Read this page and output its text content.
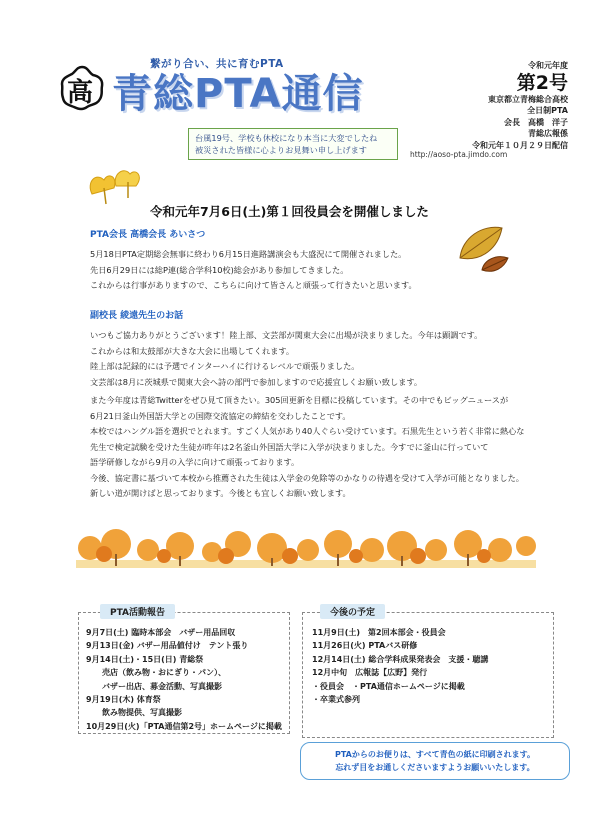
繋がり合い、共に育むPTA
高 青総PTA通信
令和元年度
第2号
東京都立青梅総合高校
全日制PTA
会長　高橋　洋子
青総広報係
令和元年１０月２９日配信
台風19号、学校も休校になり本当に大変でしたね
被災された皆様に心よりお見舞い申し上げます	http://aoso-pta.jimdo.com
令和元年7月6日(土)第１回役員会を開催しました
PTA会長 高橋会長 あいさつ
5月18日PTA定期総会無事に終わり6月15日進路講演会も大盛況にて開催されました。
先日6月29日には総P連(総合学科10校)総会があり参加してきました。
これからは行事がありますので、こちらに向けて皆さんと頑張って行きたいと思います。
副校長 綾遠先生のお話
いつもご協力ありがとうございます！陸上部、文芸部が関東大会に出場が決まりました。今年は顕調です。
これからは和太鼓部が大きな大会に出場してくれます。
陸上部は記録的には予選でインターハイに行けるレベルで頑張りました。
文芸部は8月に茨城県で関東大会へ詩の部門で参加しますので応援宜しくお願い致します。
また今年度は青総Twitterをぜひ見て頂きたい。305回更新を目標に投稿しています。その中でもビッグニュースが
6月21日釜山外国語大学との国際交流協定の締結を交わしたことです。
本校ではハングル語を選択でとれます。すごく人気があり40人ぐらい受けています。石黒先生という若く非常に熱心な
先生で検定試験を受けた生徒が昨年は2名釜山外国語大学に入学が決まりました。今すでに釜山に行っていて
語学研修しながら9月の入学に向けて頑張っております。
今後、協定書に基づいて本校から推薦された生徒は入学金の免除等のかなりの待遇を受けて入学が可能となりました。
新しい道が開けばと思っております。今後とも宜しくお願い致します。
PTA活動報告
9月7日(土) 臨時本部会　バザー用品回収
9月13日(金) バザー用品値付け　テント張り
9月14日(土)・15日(日) 青総祭
　　売店（飲み物・おにぎり・パン）、
　　バザー出店、募金活動、写真撮影
9月19日(木) 体育祭
　　飲み物提供、写真撮影
10月29日(火)「PTA通信第2号」ホームページに掲載
今後の予定
11月9日(土)　第2回本部会・役員会
11月26日(火) PTAバス研修
12月14日(土) 総合学科成果発表会　支援・聴講
12月中旬　広報誌【広野】発行
・役員会　・PTA通信ホームページに掲載
・卒業式参列
PTAからのお便りは、すべて青色の紙に印刷されます。
忘れず目をお通しくださいますようお願いいたします。
